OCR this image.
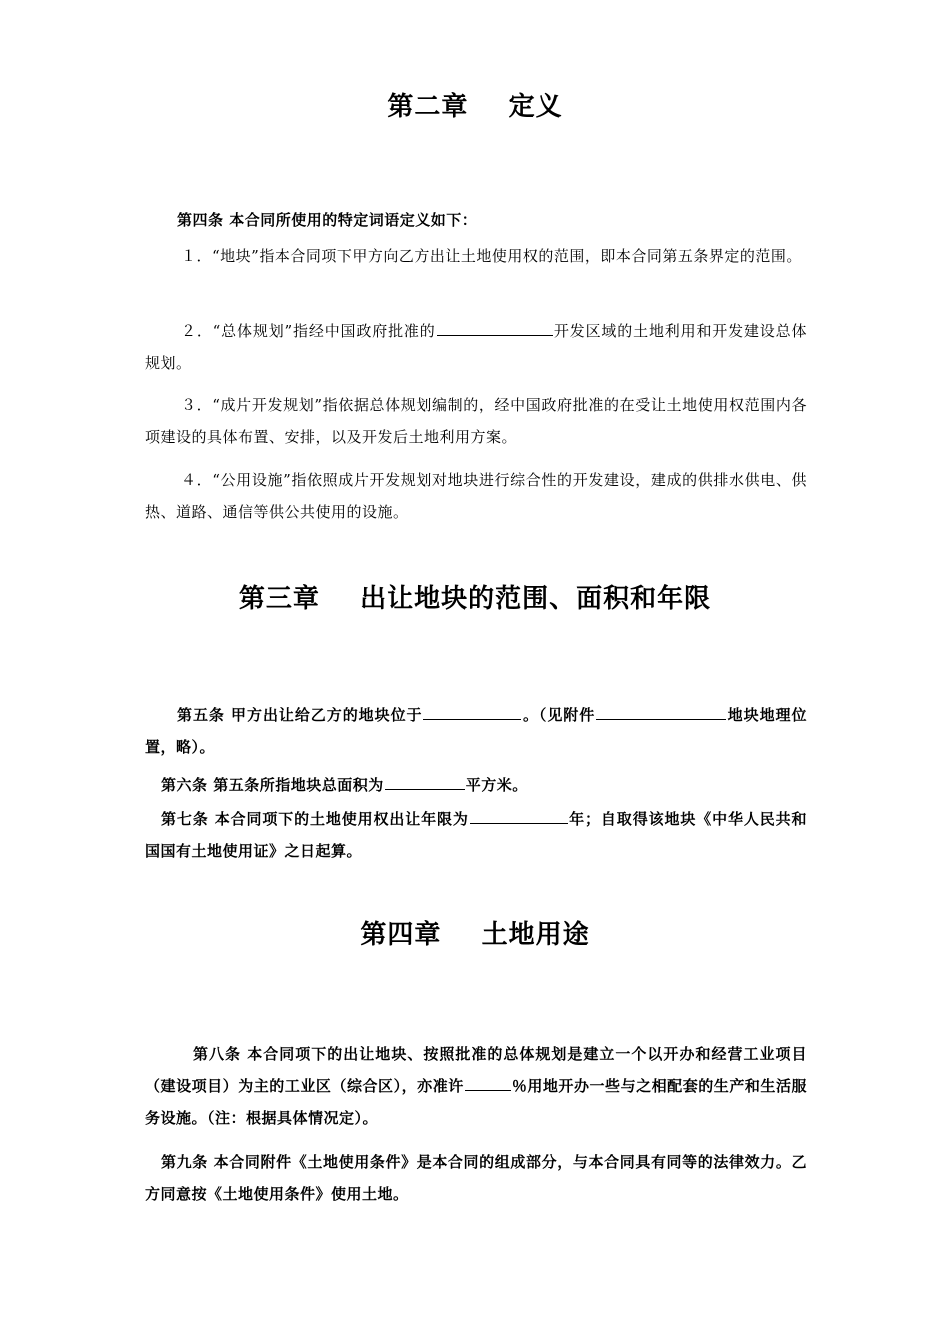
第二章    定义
第四条 本合同所使用的特定词语定义如下：
１．“地块”指本合同项下甲方向乙方出让土地使用权的范围，即本合同第五条界定的范围。
２．“总体规划”指经中国政府批准的	开发区域的土地利用和开发建设总体规划。
３．“成片开发规划”指依据总体规划编制的，经中国政府批准的在受让土地使用权范围内各项建设的具体布置、安排，以及开发后土地利用方案。
４．“公用设施”指依照成片开发规划对地块进行综合性的开发建设，建成的供排水供电、供热、道路、通信等供公共使用的设施。
第三章    出让地块的范围、面积和年限
第五条 甲方出让给乙方的地块位于	。（见附件	地块地理位置，略）。
第六条 第五条所指地块总面积为	平方米。
第七条 本合同项下的土地使用权出让年限为	年；自取得该地块《中华人民共和国国有土地使用证》之日起算。
第四章    土地用途
第八条 本合同项下的出让地块、按照批准的总体规划是建立一个以开办和经营工业项目（建设项目）为主的工业区（综合区），亦准许	％用地开办一些与之相配套的生产和生活服务设施。（注：根据具体情况定）。
第九条 本合同附件《土地使用条件》是本合同的组成部分，与本合同具有同等的法律效力。乙方同意按《土地使用条件》使用土地。
